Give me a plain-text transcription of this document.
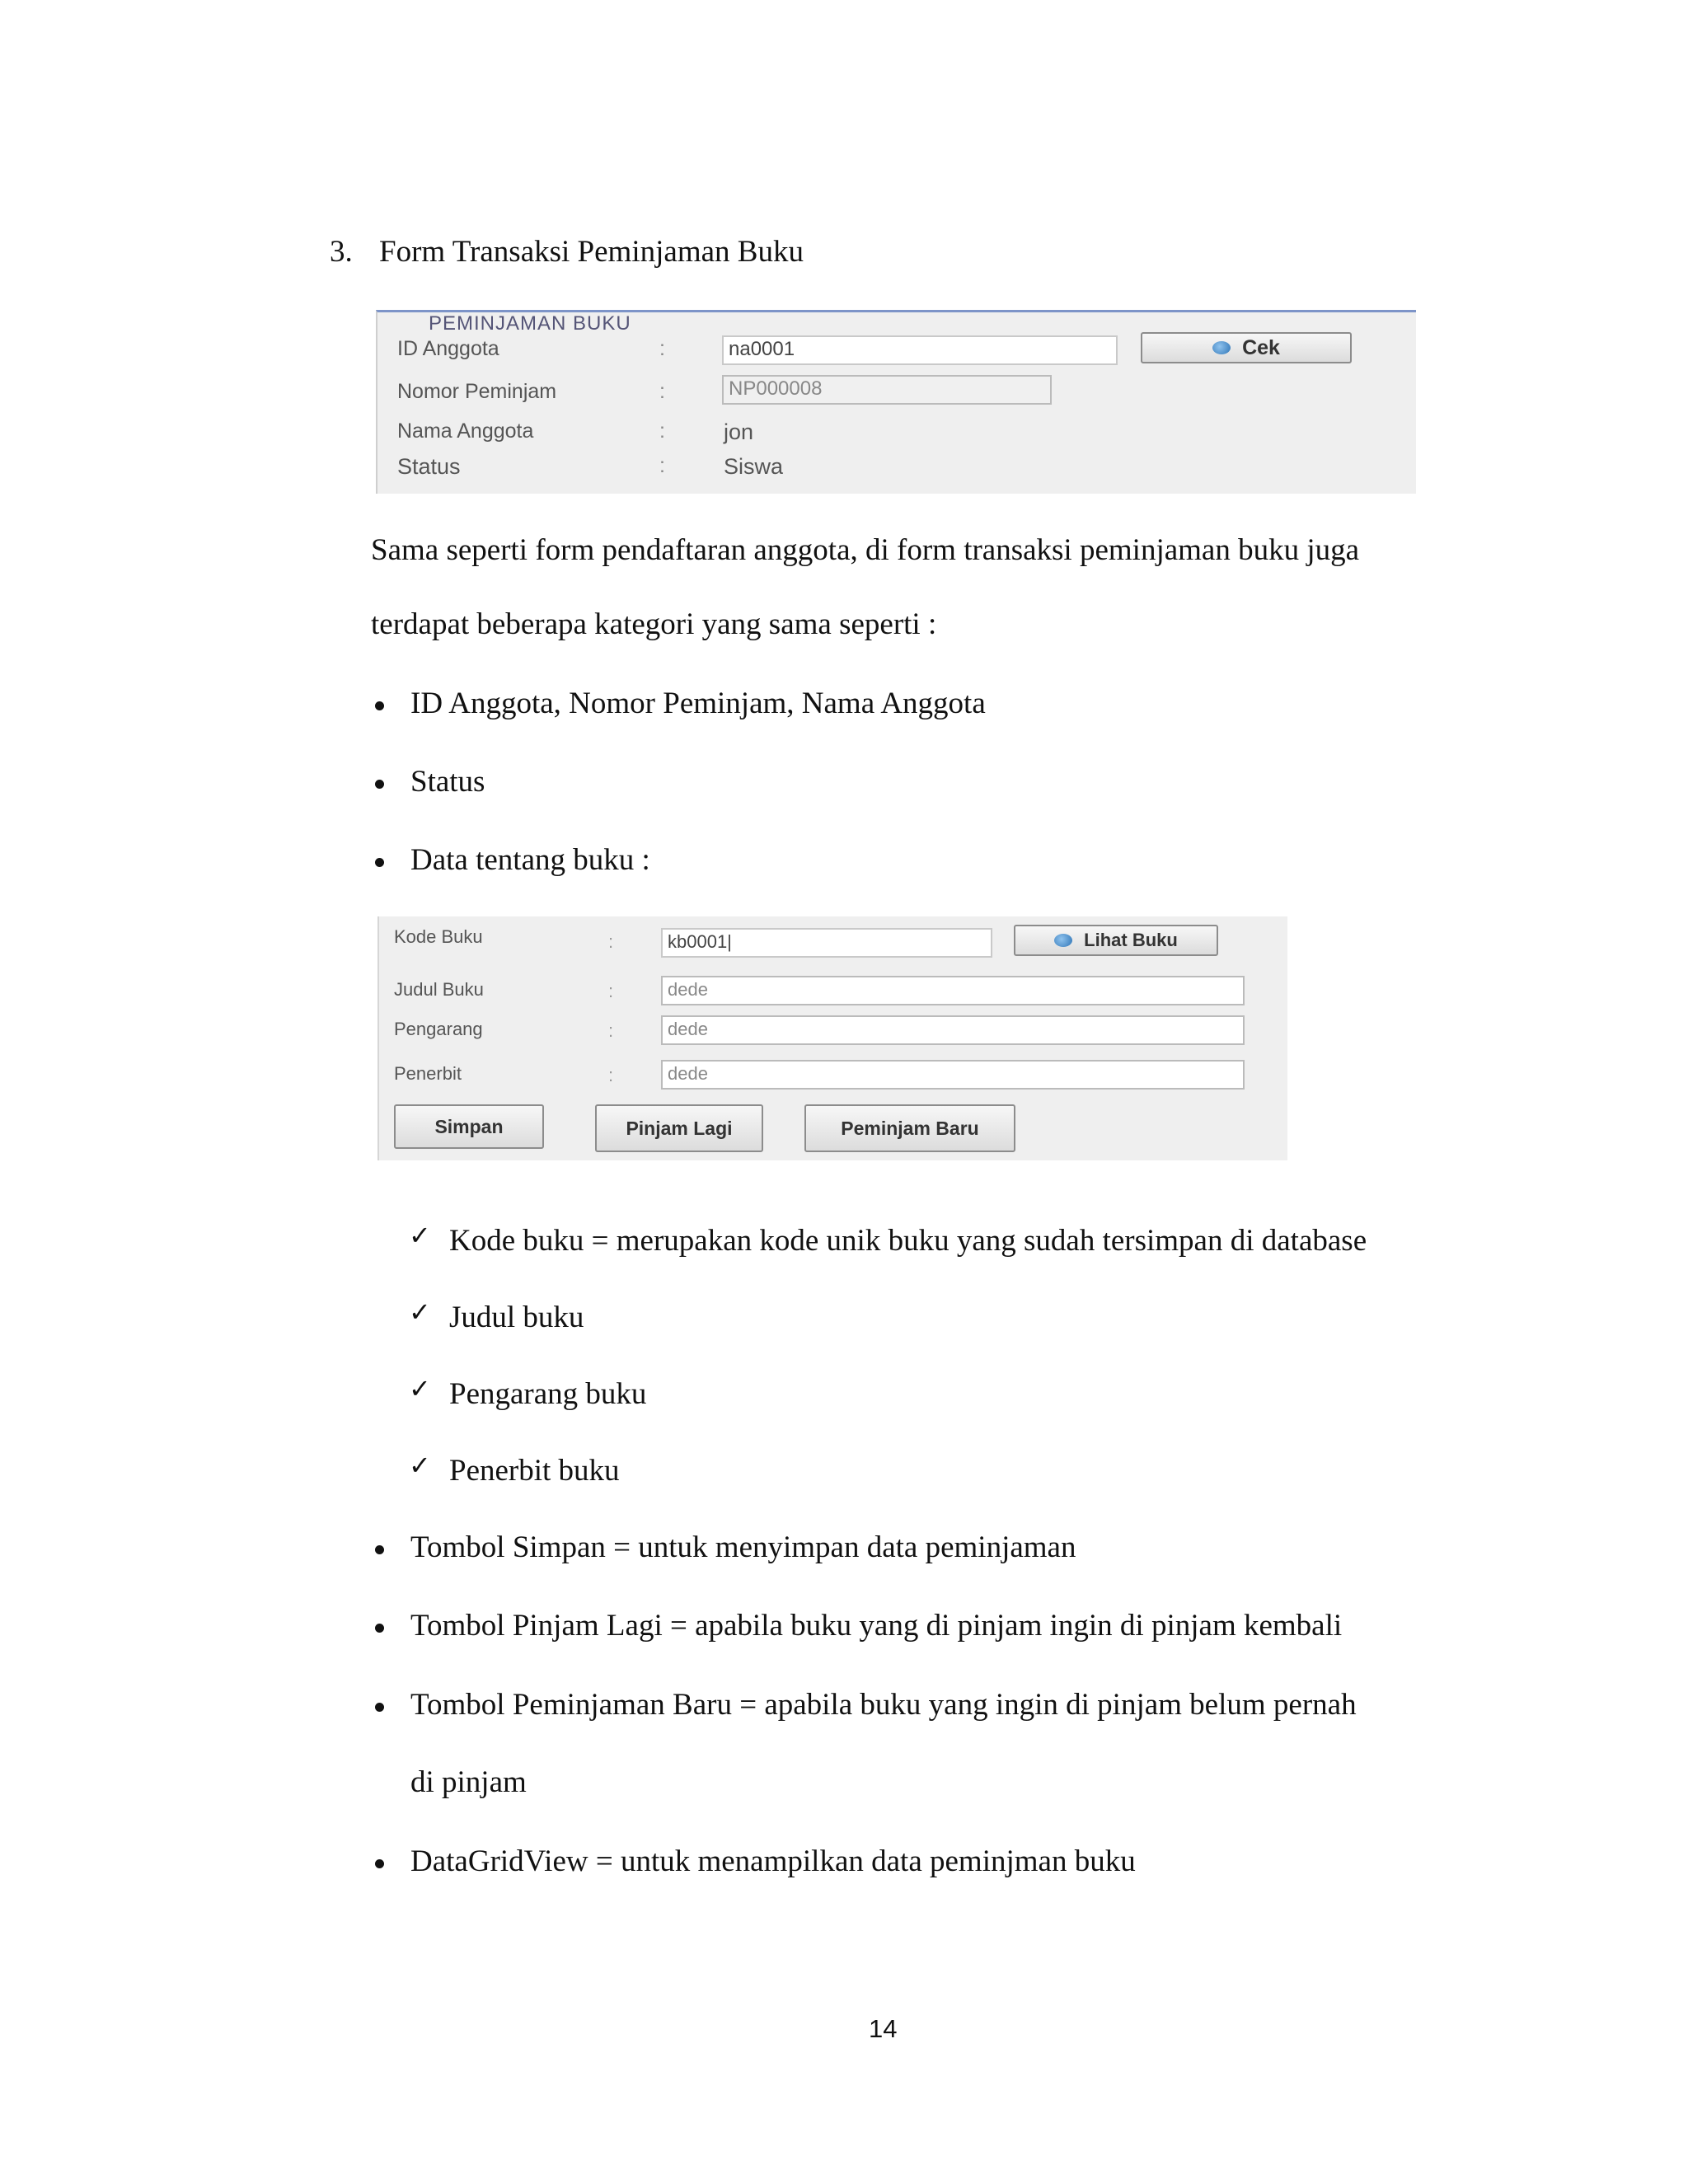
3. Form Transaksi Peminjaman Buku
PEMINJAMAN BUKU
ID Anggota	:	na0001	Cek
Nomor Peminjam	:	NP000008
Nama Anggota	:	jon
Status	:	Siswa
Sama seperti form pendaftaran anggota, di form transaksi peminjaman buku juga
terdapat beberapa kategori yang sama seperti :
ID Anggota, Nomor Peminjam, Nama Anggota
Status
Data tentang buku :
Kode Buku	:	kb0001|	Lihat Buku
Judul Buku	:	dede
Pengarang	:	dede
Penerbit	:	dede
Simpan	Pinjam Lagi	Peminjam Baru
✓ Kode buku = merupakan kode unik buku yang sudah tersimpan di database
✓ Judul buku
✓ Pengarang buku
✓ Penerbit buku
Tombol Simpan = untuk menyimpan data peminjaman
Tombol Pinjam Lagi = apabila buku yang di pinjam ingin di pinjam kembali
Tombol Peminjaman Baru = apabila buku yang ingin di pinjam belum pernah
di pinjam
DataGridView = untuk menampilkan data peminjman buku
14
